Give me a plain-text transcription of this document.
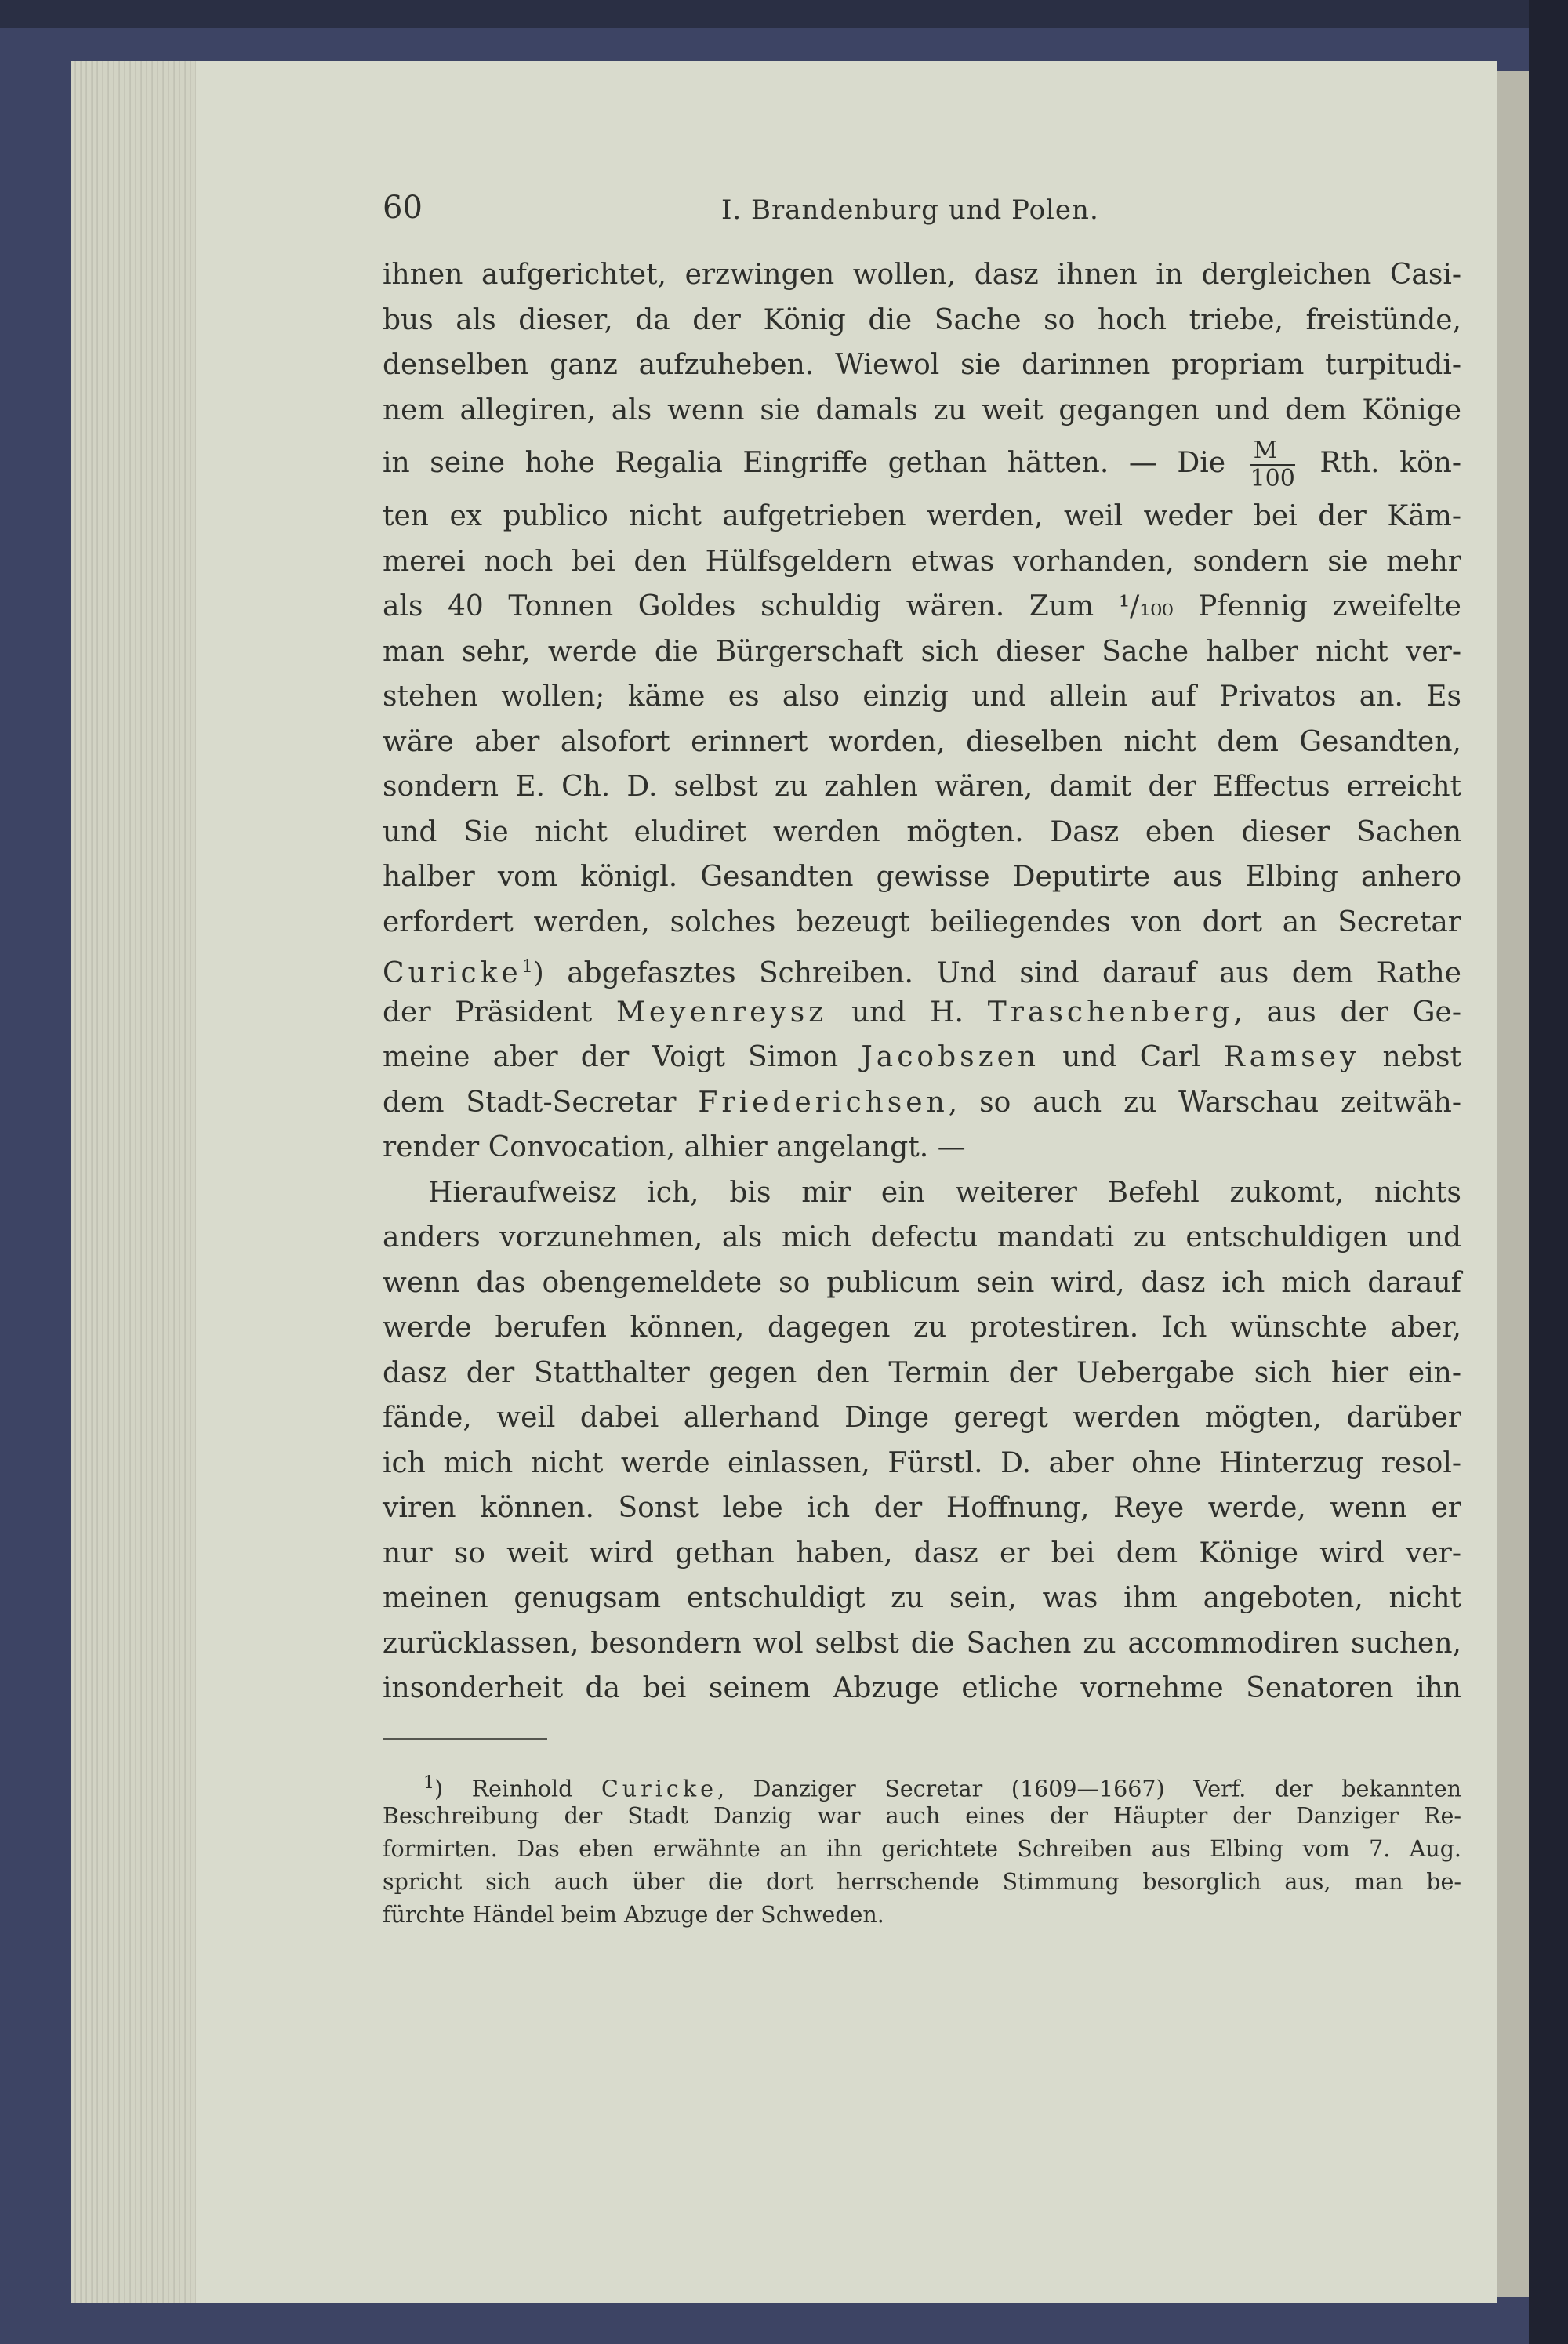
60	I. Brandenburg und Polen.
ihnen aufgerichtet, erzwingen wollen, dasz ihnen in dergleichen Casi-
bus als dieser, da der König die Sache so hoch triebe, freistünde,
denselben ganz aufzuheben. Wiewol sie darinnen propriam turpitudi-
nem allegiren, als wenn sie damals zu weit gegangen und dem Könige
in seine hohe Regalia Eingriffe gethan hätten. — Die $\frac{M}{100}$ Rth. kön-
ten ex publico nicht aufgetrieben werden, weil weder bei der Käm-
merei noch bei den Hülfsgeldern etwas vorhanden, sondern sie mehr
als 40 Tonnen Goldes schuldig wären. Zum ¹/₁₀₀ Pfennig zweifelte
man sehr, werde die Bürgerschaft sich dieser Sache halber nicht ver-
stehen wollen; käme es also einzig und allein auf Privatos an. Es
wäre aber alsofort erinnert worden, dieselben nicht dem Gesandten,
sondern E. Ch. D. selbst zu zahlen wären, damit der Effectus erreicht
und Sie nicht eludiret werden mögten. Dasz eben dieser Sachen
halber vom königl. Gesandten gewisse Deputirte aus Elbing anhero
erfordert werden, solches bezeugt beiliegendes von dort an Secretar
Curicke$^1$) abgefasztes Schreiben. Und sind darauf aus dem Rathe
der Präsident Meyenreysz und H. Traschenberg, aus der Ge-
meine aber der Voigt Simon Jacobszen und Carl Ramsey nebst
dem Stadt-Secretar Friederichsen, so auch zu Warschau zeitwäh-
render Convocation, alhier angelangt. —
Hieraufweisz ich, bis mir ein weiterer Befehl zukomt, nichts
anders vorzunehmen, als mich defectu mandati zu entschuldigen und
wenn das obengemeldete so publicum sein wird, dasz ich mich darauf
werde berufen können, dagegen zu protestiren. Ich wünschte aber,
dasz der Statthalter gegen den Termin der Uebergabe sich hier ein-
fände, weil dabei allerhand Dinge geregt werden mögten, darüber
ich mich nicht werde einlassen, Fürstl. D. aber ohne Hinterzug resol-
viren können. Sonst lebe ich der Hoffnung, Reye werde, wenn er
nur so weit wird gethan haben, dasz er bei dem Könige wird ver-
meinen genugsam entschuldigt zu sein, was ihm angeboten, nicht
zurücklassen, besondern wol selbst die Sachen zu accommodiren suchen,
insonderheit da bei seinem Abzuge etliche vornehme Senatoren ihn
$^1$) Reinhold Curicke, Danziger Secretar (1609—1667) Verf. der bekannten
Beschreibung der Stadt Danzig war auch eines der Häupter der Danziger Re-
formirten. Das eben erwähnte an ihn gerichtete Schreiben aus Elbing vom 7. Aug.
spricht sich auch über die dort herrschende Stimmung besorglich aus, man be-
fürchte Händel beim Abzuge der Schweden.
